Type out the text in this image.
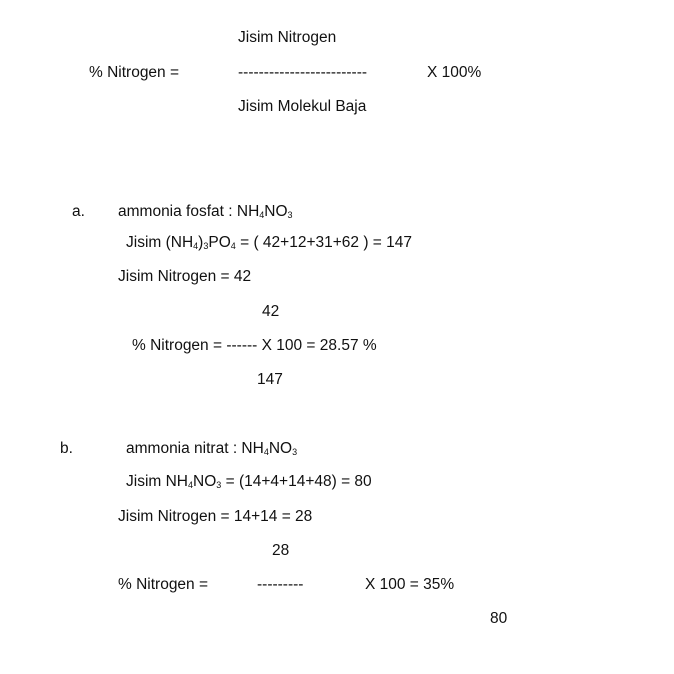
Jisim Nitrogen
% Nitrogen =	-------------------------	X 100%
Jisim Molekul Baja
a. ammonia fosfat : $NH_4NO_3$
Jisim $(NH_4)_3PO_4$ = ( 42+12+31+62 ) = 147
Jisim Nitrogen = 42
42
% Nitrogen = ------ X 100 = 28.57 %
147
b.	ammonia nitrat : $NH_4NO_3$
Jisim $NH_4NO_3 = (14+4+14+48) = 80$
Jisim Nitrogen = 14+14 = 28
28
% Nitrogen =	---------	X 100 = 35%
80
